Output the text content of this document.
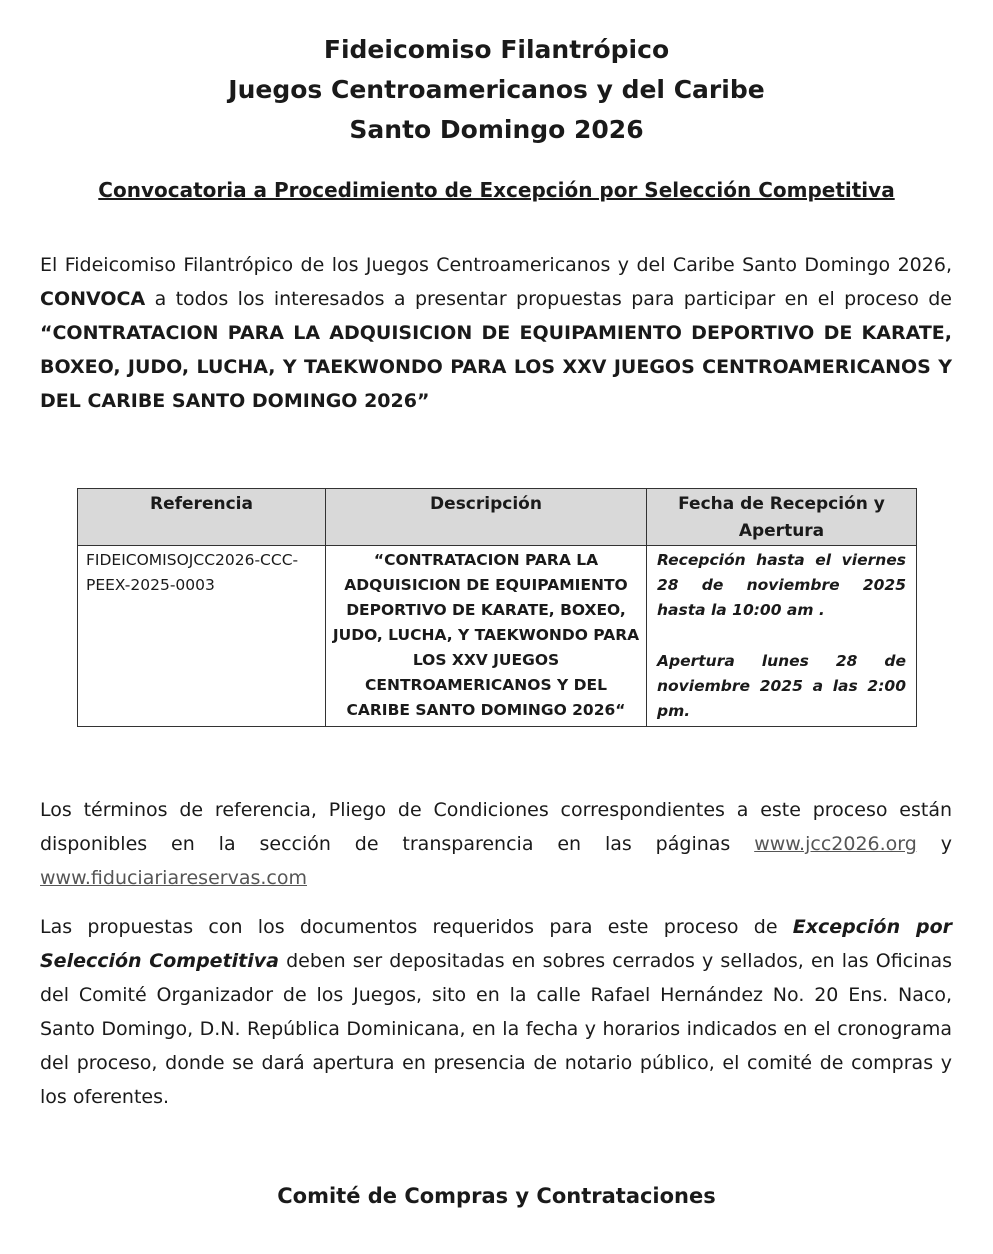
Fideicomiso Filantrópico
Juegos Centroamericanos y del Caribe
Santo Domingo 2026
Convocatoria a Procedimiento de Excepción por Selección Competitiva
El Fideicomiso Filantrópico de los Juegos Centroamericanos y del Caribe Santo Domingo 2026, CONVOCA a todos los interesados a presentar propuestas para participar en el proceso de “CONTRATACION PARA LA ADQUISICION DE EQUIPAMIENTO DEPORTIVO DE KARATE, BOXEO, JUDO, LUCHA, Y TAEKWONDO PARA LOS XXV JUEGOS CENTROAMERICANOS Y DEL CARIBE SANTO DOMINGO 2026”
Referencia	Descripción	Fecha de Recepción y Apertura
FIDEICOMISOJCC2026-CCC-PEEX-2025-0003	“CONTRATACION PARA LA ADQUISICION DE EQUIPAMIENTO DEPORTIVO DE KARATE, BOXEO, JUDO, LUCHA, Y TAEKWONDO PARA LOS XXV JUEGOS CENTROAMERICANOS Y DEL CARIBE SANTO DOMINGO 2026“	Recepción hasta el viernes 28 de noviembre 2025 hasta la 10:00 am .
Apertura lunes 28 de noviembre 2025 a las 2:00 pm.
Los términos de referencia, Pliego de Condiciones correspondientes a este proceso están disponibles en la sección de transparencia en las páginas www.jcc2026.org y www.fiduciariareservas.com
Las propuestas con los documentos requeridos para este proceso de Excepción por Selección Competitiva deben ser depositadas en sobres cerrados y sellados, en las Oficinas del Comité Organizador de los Juegos, sito en la calle Rafael Hernández No. 20 Ens. Naco, Santo Domingo, D.N. República Dominicana, en la fecha y horarios indicados en el cronograma del proceso, donde se dará apertura en presencia de notario público, el comité de compras y los oferentes.
Comité de Compras y Contrataciones
